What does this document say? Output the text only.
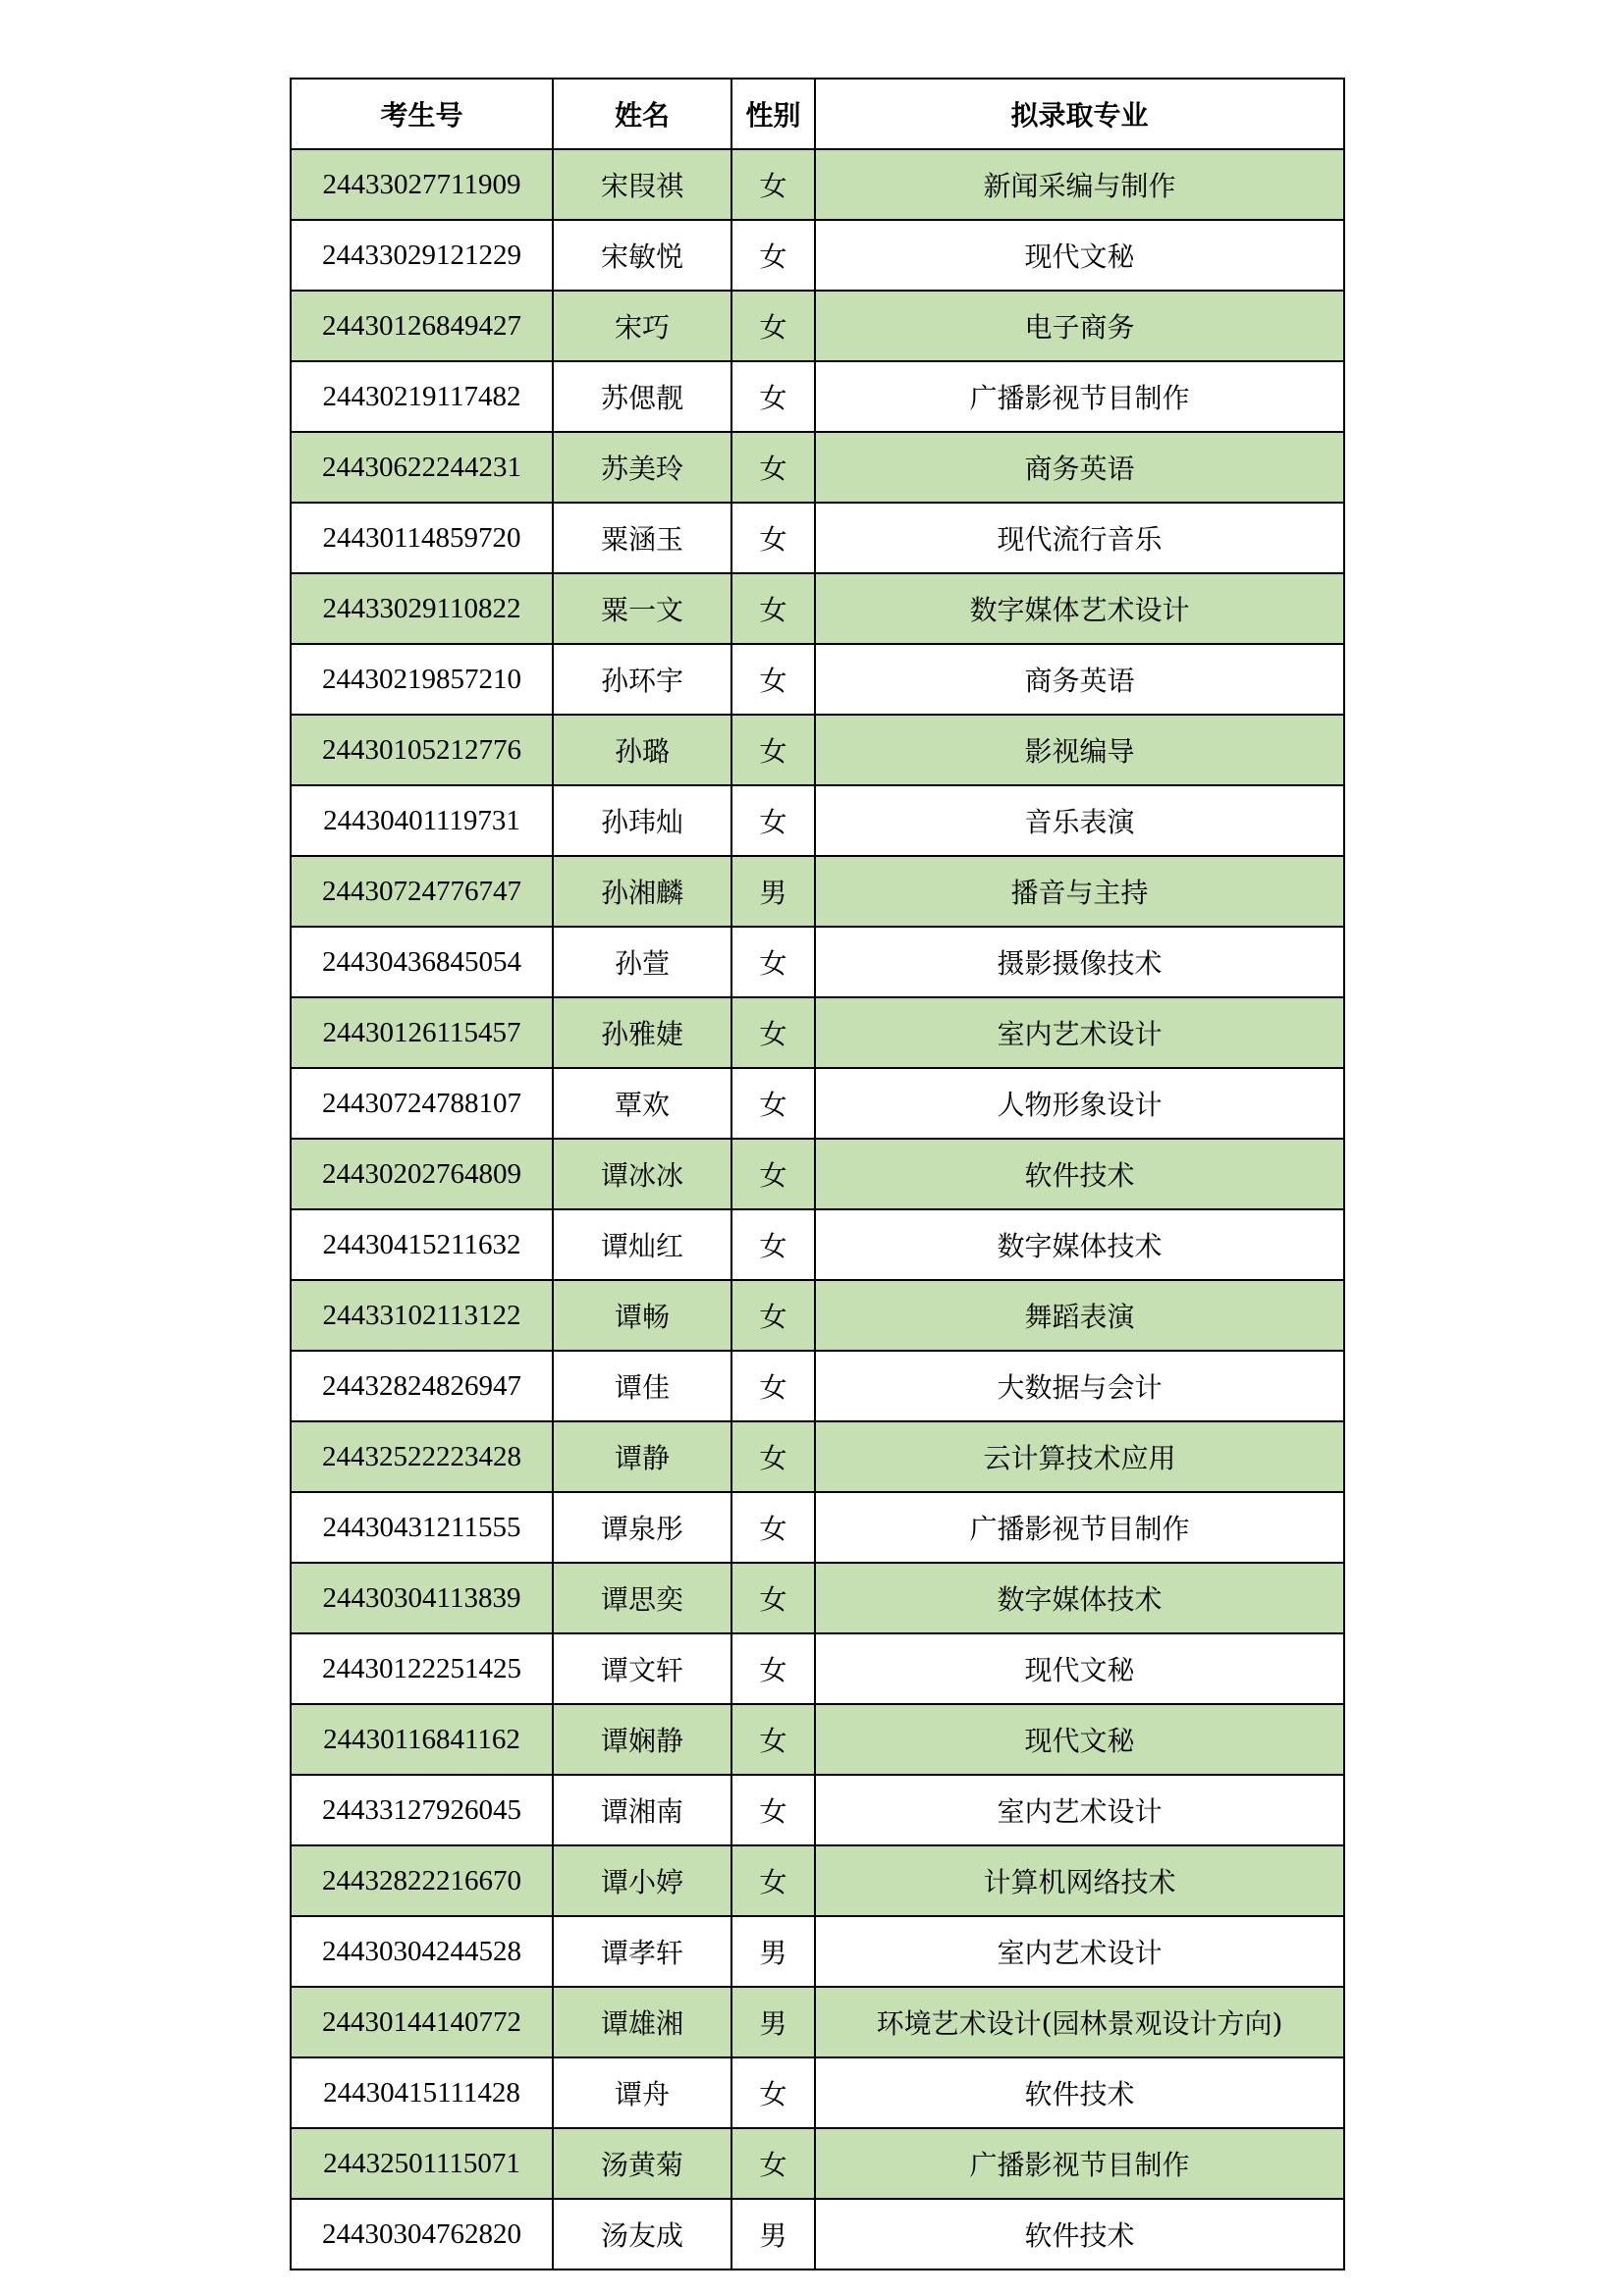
考生号	姓名	性别	拟录取专业
24433027711909	宋叚祺	女	新闻采编与制作
24433029121229	宋敏悦	女	现代文秘
24430126849427	宋巧	女	电子商务
24430219117482	苏偲靓	女	广播影视节目制作
24430622244231	苏美玲	女	商务英语
24430114859720	粟涵玉	女	现代流行音乐
24433029110822	粟一文	女	数字媒体艺术设计
24430219857210	孙环宇	女	商务英语
24430105212776	孙璐	女	影视编导
24430401119731	孙玮灿	女	音乐表演
24430724776747	孙湘麟	男	播音与主持
24430436845054	孙萱	女	摄影摄像技术
24430126115457	孙雅婕	女	室内艺术设计
24430724788107	覃欢	女	人物形象设计
24430202764809	谭冰冰	女	软件技术
24430415211632	谭灿红	女	数字媒体技术
24433102113122	谭畅	女	舞蹈表演
24432824826947	谭佳	女	大数据与会计
24432522223428	谭静	女	云计算技术应用
24430431211555	谭泉彤	女	广播影视节目制作
24430304113839	谭思奕	女	数字媒体技术
24430122251425	谭文轩	女	现代文秘
24430116841162	谭娴静	女	现代文秘
24433127926045	谭湘南	女	室内艺术设计
24432822216670	谭小婷	女	计算机网络技术
24430304244528	谭孝轩	男	室内艺术设计
24430144140772	谭雄湘	男	环境艺术设计(园林景观设计方向)
24430415111428	谭舟	女	软件技术
24432501115071	汤黄菊	女	广播影视节目制作
24430304762820	汤友成	男	软件技术
